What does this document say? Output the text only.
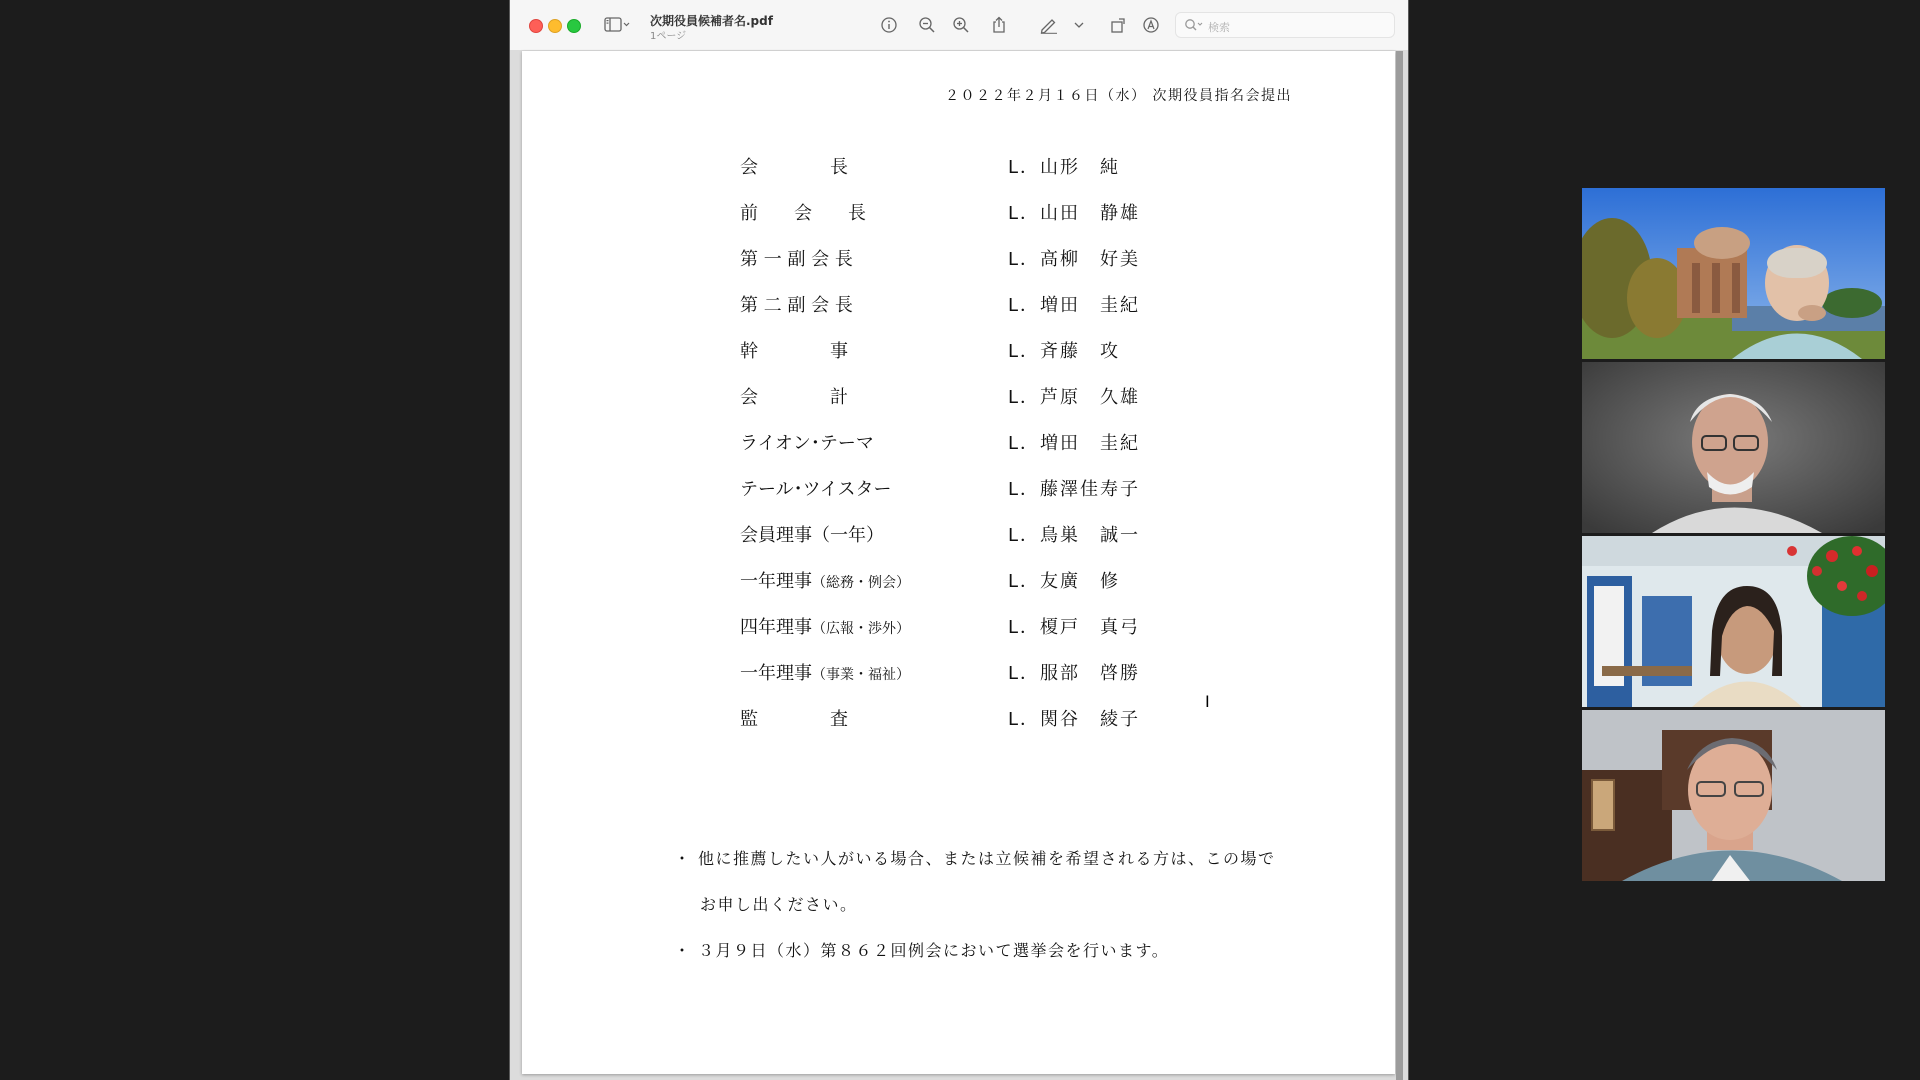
次期役員候補者名.pdf
1ページ
検索
２０２２年２月１６日（水） 次期役員指名会提出
会　　　　長	L．山形　純
前　　会　　長	L．山田　静雄
第 一 副 会 長	L．高柳　好美
第 二 副 会 長	L．増田　圭紀
幹　　　　事	L．斉藤　攻
会　　　　計	L．芦原　久雄
ライオン･テーマ	L．増田　圭紀
テール･ツイスター	L．藤澤佳寿子
会員理事（一年）	L．鳥巣　誠一
一年理事（総務・例会）	L．友廣　修
四年理事（広報・渉外）	L．榎戸　真弓
一年理事（事業・福祉）	L．服部　啓勝
監　　　　査	L．関谷　綾子
I
・ 他に推薦したい人がいる場合、または立候補を希望される方は、この場で
お申し出ください。
・ ３月９日（水）第８６２回例会において選挙会を行います。
